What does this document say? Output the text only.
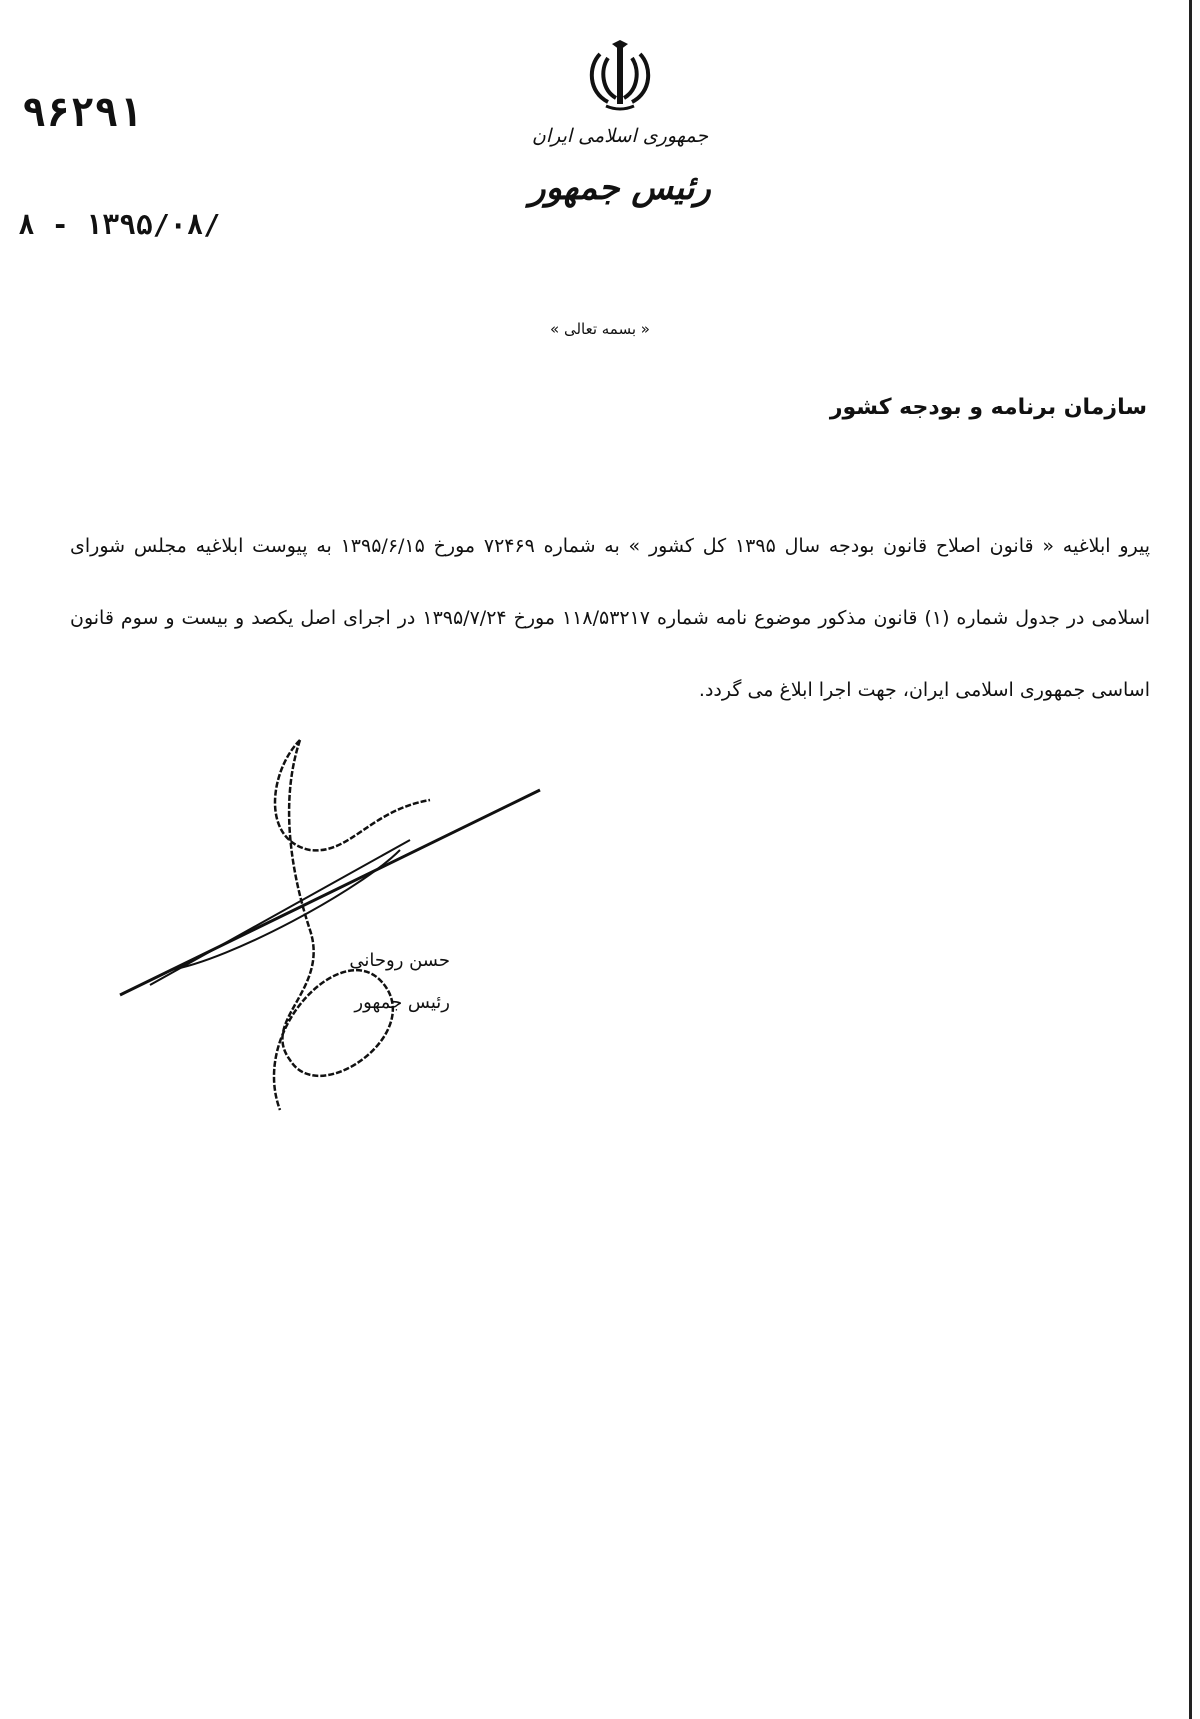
جمهوری اسلامی ایران
رئیس جمهور
۹۶۲۹۱
۸ - ۱۳۹۵/۰۸/
« بسمه تعالی »
سازمان برنامه و بودجه کشور
پیرو ابلاغیه « قانون اصلاح قانون بودجه سال ۱۳۹۵ کل کشور » به شماره ۷۲۴۶۹ مورخ ۱۳۹۵/۶/۱۵ به پیوست ابلاغیه مجلس شورای اسلامی در جدول شماره (۱) قانون مذکور موضوع نامه شماره ۱۱۸/۵۳۲۱۷ مورخ ۱۳۹۵/۷/۲۴ در اجرای اصل یکصد و بیست و سوم قانون اساسی جمهوری اسلامی ایران، جهت اجرا ابلاغ می گردد.
حسن روحانی
رئیس جمهور
